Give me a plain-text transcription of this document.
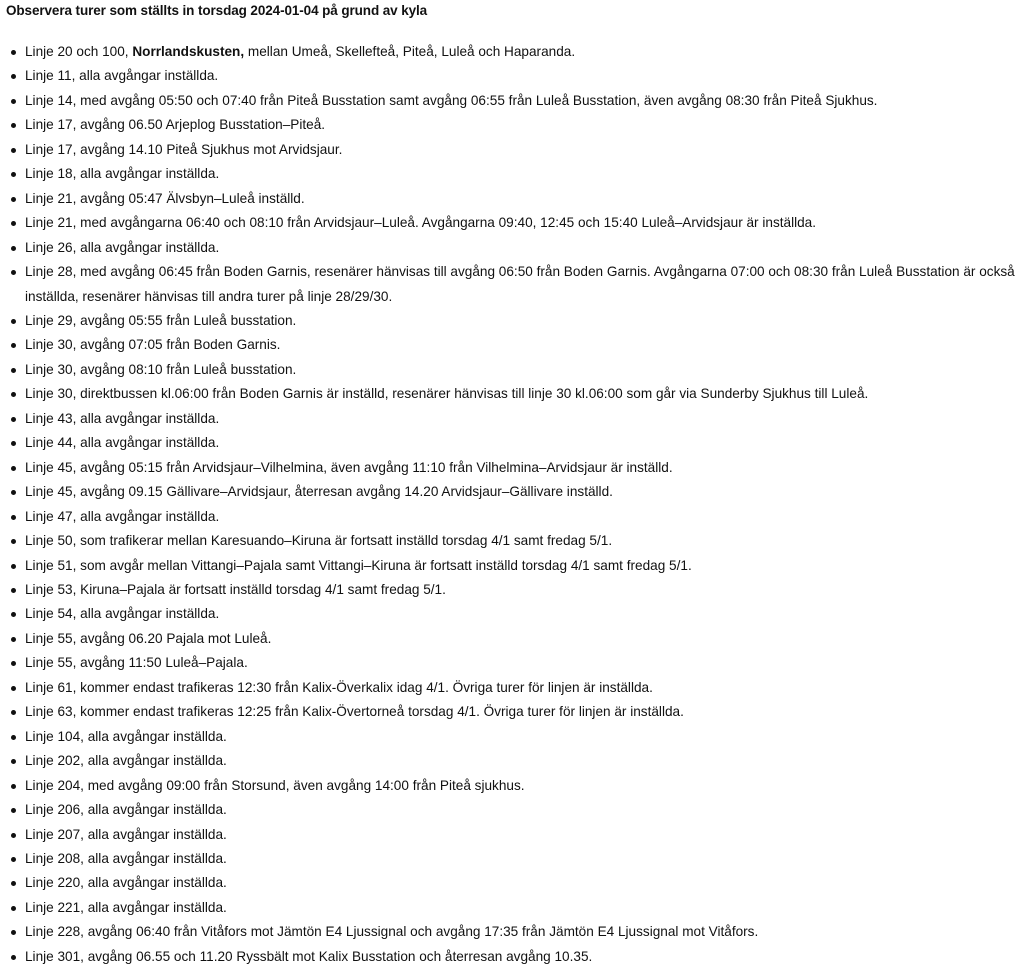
Observera turer som ställts in torsdag 2024-01-04 på grund av kyla
Linje 20 och 100, Norrlandskusten, mellan Umeå, Skellefteå, Piteå, Luleå och Haparanda.
Linje 11, alla avgångar inställda.
Linje 14, med avgång 05:50 och 07:40 från Piteå Busstation samt avgång 06:55 från Luleå Busstation, även avgång 08:30 från Piteå Sjukhus.
Linje 17, avgång 06.50 Arjeplog Busstation–Piteå.
Linje 17, avgång 14.10 Piteå Sjukhus mot Arvidsjaur.
Linje 18, alla avgångar inställda.
Linje 21, avgång 05:47 Älvsbyn–Luleå inställd.
Linje 21, med avgångarna 06:40 och 08:10 från Arvidsjaur–Luleå. Avgångarna 09:40, 12:45 och 15:40 Luleå–Arvidsjaur är inställda.
Linje 26, alla avgångar inställda.
Linje 28, med avgång 06:45 från Boden Garnis, resenärer hänvisas till avgång 06:50 från Boden Garnis. Avgångarna 07:00 och 08:30 från Luleå Busstation är också inställda, resenärer hänvisas till andra turer på linje 28/29/30.
Linje 29, avgång 05:55 från Luleå busstation.
Linje 30, avgång 07:05 från Boden Garnis.
Linje 30, avgång 08:10 från Luleå busstation.
Linje 30, direktbussen kl.06:00 från Boden Garnis är inställd, resenärer hänvisas till linje 30 kl.06:00 som går via Sunderby Sjukhus till Luleå.
Linje 43, alla avgångar inställda.
Linje 44, alla avgångar inställda.
Linje 45, avgång 05:15 från Arvidsjaur–Vilhelmina, även avgång 11:10 från Vilhelmina–Arvidsjaur är inställd.
Linje 45, avgång 09.15 Gällivare–Arvidsjaur, återresan avgång 14.20 Arvidsjaur–Gällivare inställd.
Linje 47, alla avgångar inställda.
Linje 50, som trafikerar mellan Karesuando–Kiruna är fortsatt inställd torsdag 4/1 samt fredag 5/1.
Linje 51, som avgår mellan Vittangi–Pajala samt Vittangi–Kiruna är fortsatt inställd torsdag 4/1 samt fredag 5/1.
Linje 53, Kiruna–Pajala är fortsatt inställd torsdag 4/1 samt fredag 5/1.
Linje 54, alla avgångar inställda.
Linje 55, avgång 06.20 Pajala mot Luleå.
Linje 55, avgång 11:50 Luleå–Pajala.
Linje 61, kommer endast trafikeras 12:30 från Kalix-Överkalix idag 4/1. Övriga turer för linjen är inställda.
Linje 63, kommer endast trafikeras 12:25 från Kalix-Övertorneå torsdag 4/1. Övriga turer för linjen är inställda.
Linje 104, alla avgångar inställda.
Linje 202, alla avgångar inställda.
Linje 204, med avgång 09:00 från Storsund, även avgång 14:00 från Piteå sjukhus.
Linje 206, alla avgångar inställda.
Linje 207, alla avgångar inställda.
Linje 208, alla avgångar inställda.
Linje 220, alla avgångar inställda.
Linje 221, alla avgångar inställda.
Linje 228, avgång 06:40 från Vitåfors mot Jämtön E4 Ljussignal och avgång 17:35 från Jämtön E4 Ljussignal mot Vitåfors.
Linje 301, avgång 06.55 och 11.20 Ryssbält mot Kalix Busstation och återresan avgång 10.35.
